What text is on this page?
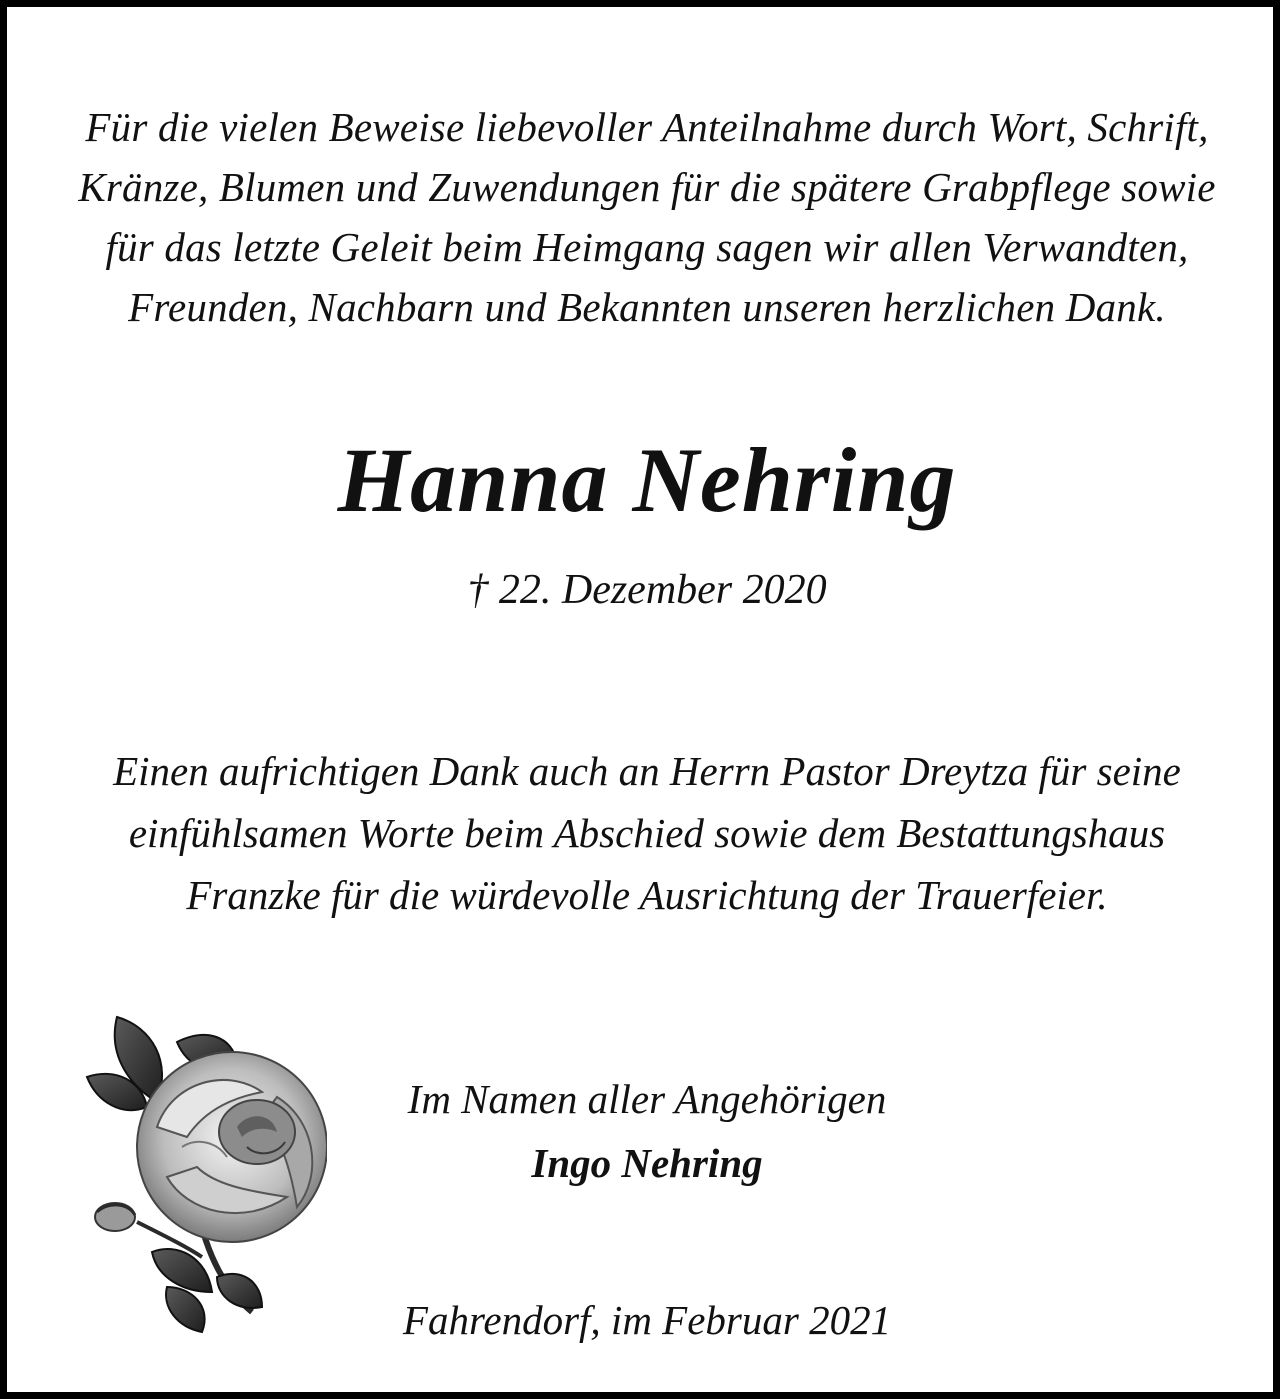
Für die vielen Beweise liebevoller Anteilnahme durch Wort, Schrift,
Kränze, Blumen und Zuwendungen für die spätere Grabpflege sowie
für das letzte Geleit beim Heimgang sagen wir allen Verwandten,
Freunden, Nachbarn und Bekannten unseren herzlichen Dank.

Hanna Nehring

† 22. Dezember 2020

Einen aufrichtigen Dank auch an Herrn Pastor Dreytza für seine
einfühlsamen Worte beim Abschied sowie dem Bestattungshaus
Franzke für die würdevolle Ausrichtung der Trauerfeier.

Im Namen aller Angehörigen

Ingo Nehring

Fahrendorf, im Februar 2021
